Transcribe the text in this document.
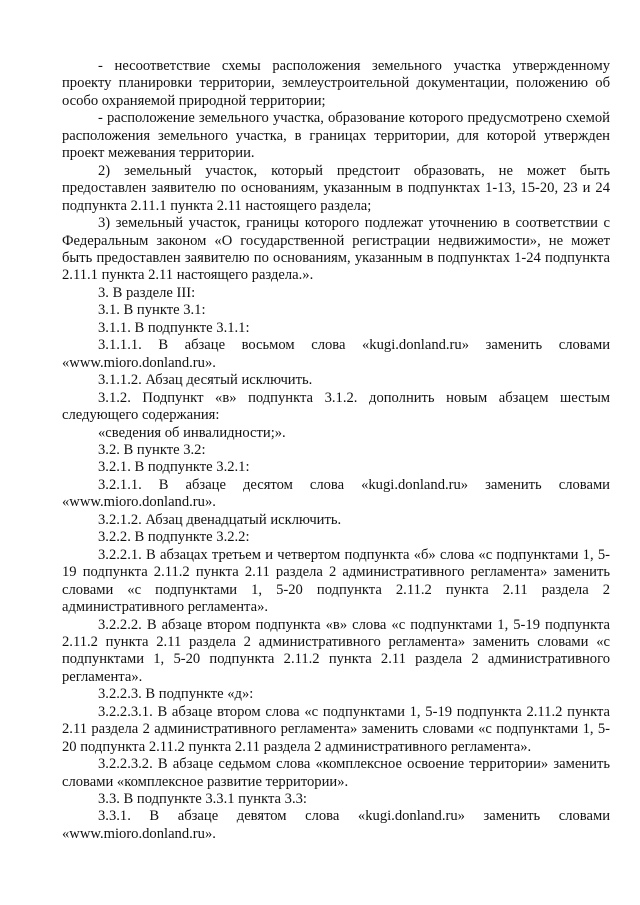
- несоответствие схемы расположения земельного участка утвержденному проекту планировки территории, землеустроительной документации, положению об особо охраняемой природной территории;

- расположение земельного участка, образование которого предусмотрено схемой расположения земельного участка, в границах территории, для которой утвержден проект межевания территории.

2) земельный участок, который предстоит образовать, не может быть предоставлен заявителю по основаниям, указанным в подпунктах 1-13, 15-20, 23 и 24 подпункта 2.11.1 пункта 2.11 настоящего раздела;

3) земельный участок, границы которого подлежат уточнению в соответствии с Федеральным законом «О государственной регистрации недвижимости», не может быть предоставлен заявителю по основаниям, указанным в подпунктах 1-24 подпункта 2.11.1 пункта 2.11 настоящего раздела.».

3. В разделе III:

3.1. В пункте 3.1:

3.1.1. В подпункте 3.1.1:

3.1.1.1. В абзаце восьмом слова «kugi.donland.ru» заменить словами «www.mioro.donland.ru».

3.1.1.2. Абзац десятый исключить.

3.1.2. Подпункт «в» подпункта 3.1.2. дополнить новым абзацем шестым следующего содержания:

«сведения об инвалидности;».

3.2. В пункте 3.2:

3.2.1. В подпункте 3.2.1:

3.2.1.1. В абзаце десятом слова «kugi.donland.ru» заменить словами «www.mioro.donland.ru».

3.2.1.2. Абзац двенадцатый исключить.

3.2.2. В подпункте 3.2.2:

3.2.2.1. В абзацах третьем и четвертом подпункта «б» слова «с подпунктами 1, 5-19 подпункта 2.11.2 пункта 2.11 раздела 2 административного регламента» заменить словами «с подпунктами 1, 5-20 подпункта 2.11.2 пункта 2.11 раздела 2 административного регламента».

3.2.2.2. В абзаце втором подпункта «в» слова «с подпунктами 1, 5-19 подпункта 2.11.2 пункта 2.11 раздела 2 административного регламента» заменить словами «с подпунктами 1, 5-20 подпункта 2.11.2 пункта 2.11 раздела 2 административного регламента».

3.2.2.3. В подпункте «д»:

3.2.2.3.1. В абзаце втором слова «с подпунктами 1, 5-19 подпункта 2.11.2 пункта 2.11 раздела 2 административного регламента» заменить словами «с подпунктами 1, 5-20 подпункта 2.11.2 пункта 2.11 раздела 2 административного регламента».

3.2.2.3.2. В абзаце седьмом слова «комплексное освоение территории» заменить словами «комплексное развитие территории».

3.3. В подпункте 3.3.1 пункта 3.3:

3.3.1. В абзаце девятом слова «kugi.donland.ru» заменить словами «www.mioro.donland.ru».
